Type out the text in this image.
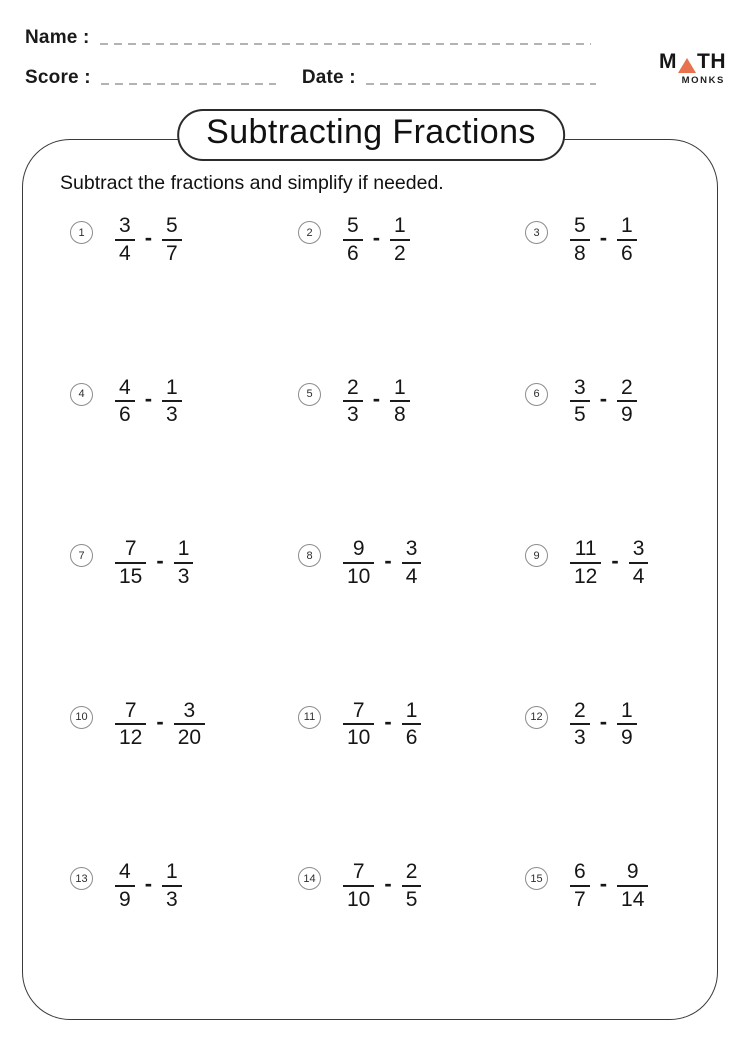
Name :
Score :	Date :
M TH
MONKS
Subtracting Fractions
Subtract the fractions and simplify if needed.
$1 \frac{3}{4} - \frac{5}{7}$	$2 \frac{5}{6} - \frac{1}{2}$	$3 \frac{5}{8} - \frac{1}{6}$
$4 \frac{4}{6} - \frac{1}{3}$	$5 \frac{2}{3} - \frac{1}{8}$	$6 \frac{3}{5} - \frac{2}{9}$
$7 \frac{7}{15} - \frac{1}{3}$	$8 \frac{9}{10} - \frac{3}{4}$	$9 \frac{11}{12} - \frac{3}{4}$
$10 \frac{7}{12} - \frac{3}{20}$	$11 \frac{7}{10} - \frac{1}{6}$	$12 \frac{2}{3} - \frac{1}{9}$
$13 \frac{4}{9} - \frac{1}{3}$	$14 \frac{7}{10} - \frac{2}{5}$	$15 \frac{6}{7} - \frac{9}{14}$
